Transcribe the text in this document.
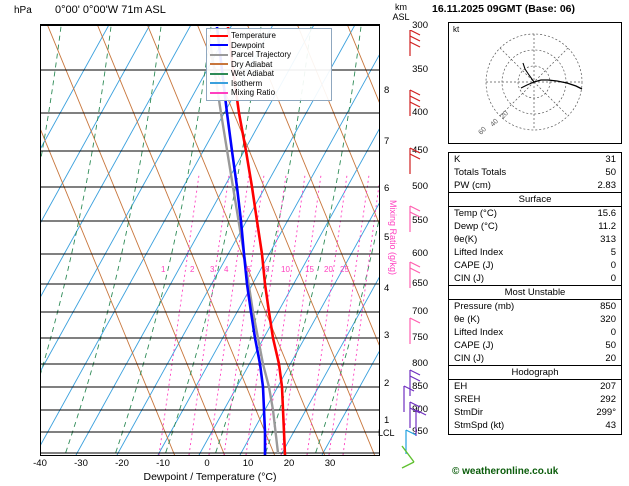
hPa 0°00' 0°00'W 71m ASL	km
ASL
Temperature
Dewpoint
Parcel Trajectory
Dry Adiabat
Wet Adiabat
Isotherm
Mixing Ratio
300
350
400
450
500
550
600
650
700
750
800
850
900
950
8
7
6
5
4
3
2
1
LCL
1	2 3 4 6 8 10 15 20 25	Mixing Ratio (g/kg)
-40	-30	-20	-10	0	10	20	30
Dewpoint / Temperature (°C)
16.11.2025 09GMT (Base: 06)
kt
20
40
60
K	31
Totals Totals	50
PW (cm)	2.83
Surface
Temp (°C)	15.6
Dewp (°C)	11.2
θe(K)	313
Lifted Index	5
CAPE (J)	0
CIN (J)	0
Most Unstable
Pressure (mb)	850
θe (K)	320
Lifted Index	0
CAPE (J)	50
CIN (J)	20
Hodograph
EH	207
SREH	292
StmDir	299°
StmSpd (kt)	43
© weatheronline.co.uk
